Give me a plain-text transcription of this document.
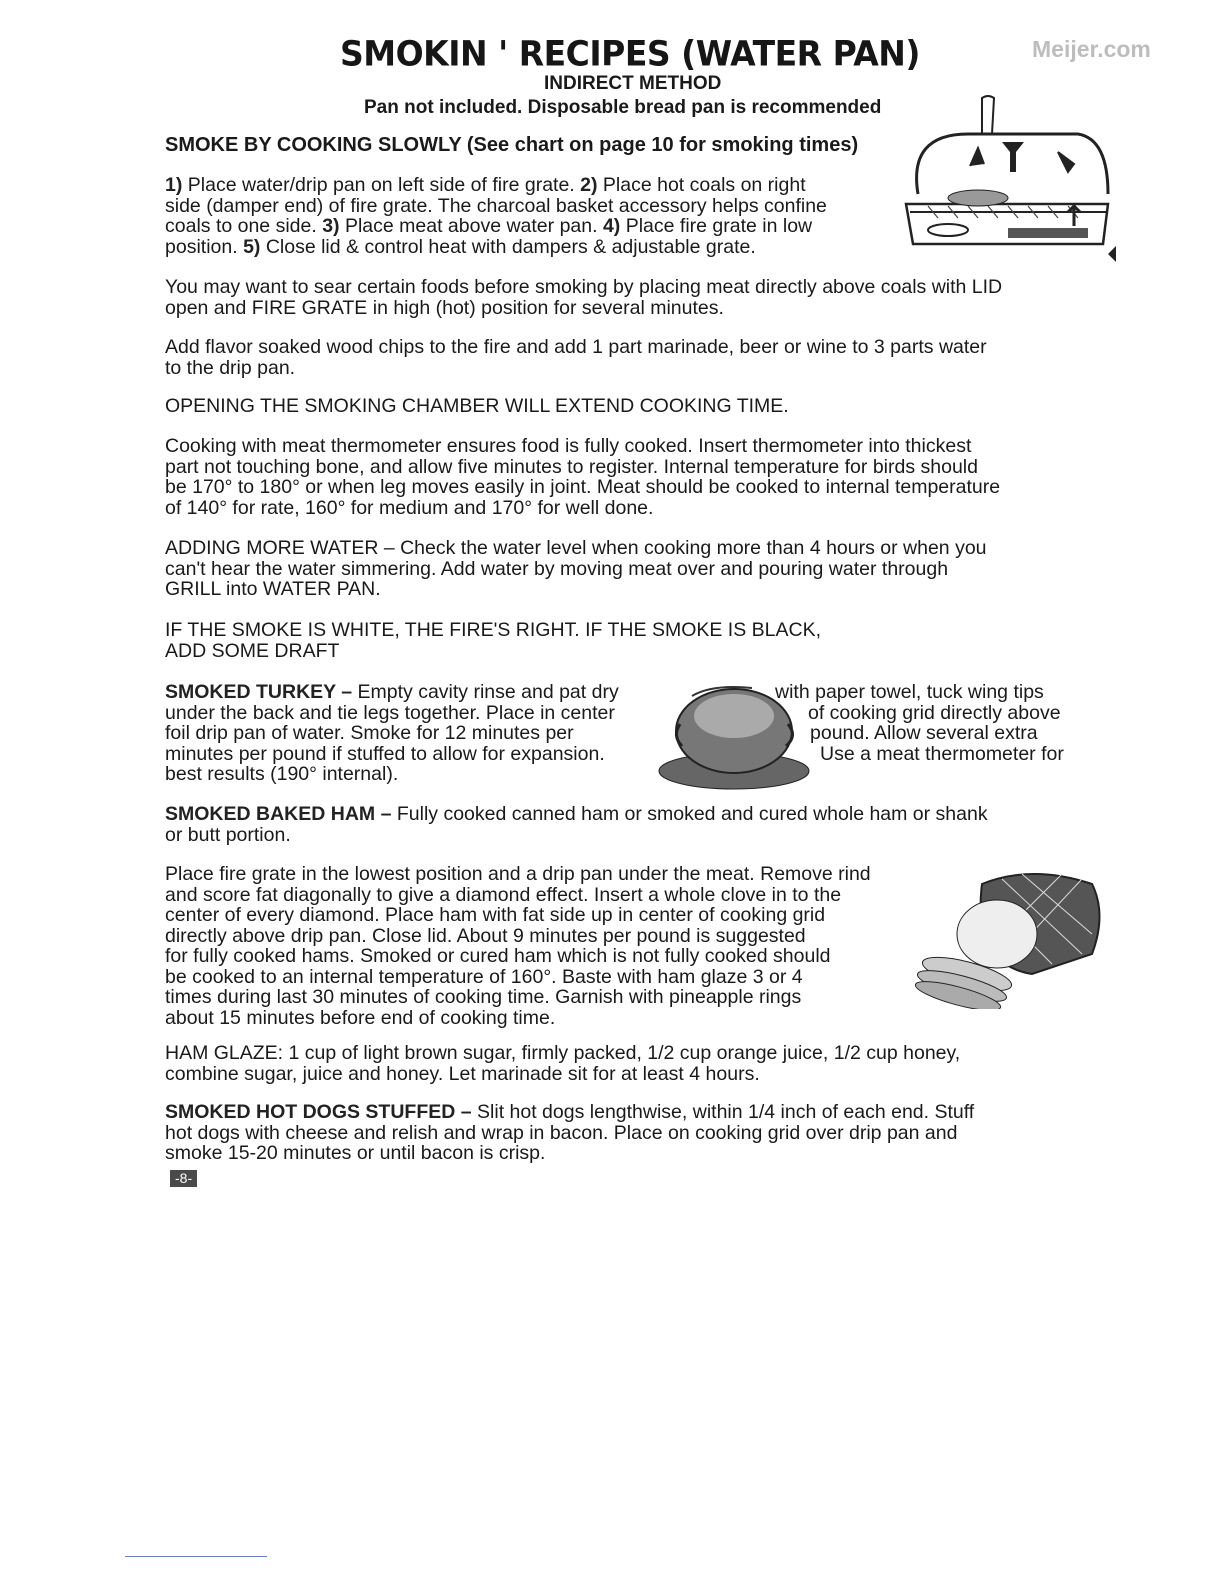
Meijer.com
SMOKIN ' RECIPES (WATER PAN)
INDIRECT METHOD
Pan not included. Disposable bread pan is recommended
SMOKE BY COOKING SLOWLY (See chart on page 10 for smoking times)

1) Place water/drip pan on left side of fire grate. 2) Place hot coals on right
side (damper end) of fire grate. The charcoal basket accessory helps confine
coals to one side. 3) Place meat above water pan. 4) Place fire grate in low
position. 5) Close lid & control heat with dampers & adjustable grate.

You may want to sear certain foods before smoking by placing meat directly above coals with LID
open and FIRE GRATE in high (hot) position for several minutes.

Add flavor soaked wood chips to the fire and add 1 part marinade, beer or wine to 3 parts water
to the drip pan.

OPENING THE SMOKING CHAMBER WILL EXTEND COOKING TIME.

Cooking with meat thermometer ensures food is fully cooked. Insert thermometer into thickest
part not touching bone, and allow five minutes to register. Internal temperature for birds should
be 170° to 180° or when leg moves easily in joint. Meat should be cooked to internal temperature
of 140° for rate, 160° for medium and 170° for well done.

ADDING MORE WATER – Check the water level when cooking more than 4 hours or when you
can't hear the water simmering. Add water by moving meat over and pouring water through
GRILL into WATER PAN.

IF THE SMOKE IS WHITE, THE FIRE'S RIGHT. IF THE SMOKE IS BLACK,
ADD SOME DRAFT

SMOKED TURKEY – Empty cavity rinse and pat dry
under the back and tie legs together. Place in center
foil drip pan of water. Smoke for 12 minutes per
minutes per pound if stuffed to allow for expansion.
best results (190° internal).

with paper towel, tuck wing tips
of cooking grid directly above
pound. Allow several extra
Use a meat thermometer for

SMOKED BAKED HAM – Fully cooked canned ham or smoked and cured whole ham or shank
or butt portion.

Place fire grate in the lowest position and a drip pan under the meat. Remove rind
and score fat diagonally to give a diamond effect. Insert a whole clove in to the
center of every diamond. Place ham with fat side up in center of cooking grid
directly above drip pan. Close lid. About 9 minutes per pound is suggested
for fully cooked hams. Smoked or cured ham which is not fully cooked should
be cooked to an internal temperature of 160°. Baste with ham glaze 3 or 4
times during last 30 minutes of cooking time. Garnish with pineapple rings
about 15 minutes before end of cooking time.

HAM GLAZE: 1 cup of light brown sugar, firmly packed, 1/2 cup orange juice, 1/2 cup honey,
combine sugar, juice and honey. Let marinade sit for at least 4 hours.

SMOKED HOT DOGS STUFFED – Slit hot dogs lengthwise, within 1/4 inch of each end. Stuff
hot dogs with cheese and relish and wrap in bacon. Place on cooking grid over drip pan and
smoke 15-20 minutes or until bacon is crisp.

-8-
